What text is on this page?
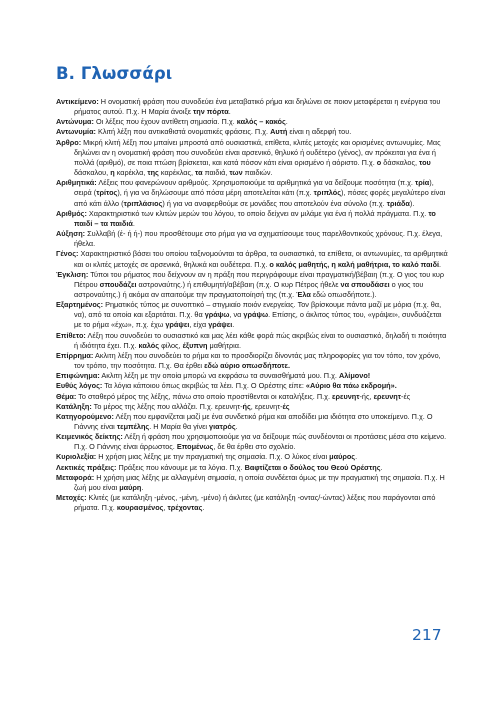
Β. Γλωσσάρι

Αντικείμενο: Η ονοματική φράση που συνοδεύει ένα μεταβατικό ρήμα και δηλώνει σε ποιον μεταφέρεται η ενέργεια του ρήματος αυτού. Π.χ. Η Μαρία άνοιξε την πόρτα.

Αντώνυμα: Οι λέξεις που έχουν αντίθετη σημασία. Π.χ. καλός – κακός.

Αντωνυμία: Κλιτή λέξη που αντικαθιστά ονοματικές φράσεις. Π.χ. Αυτή είναι η αδερφή του.

Άρθρο: Μικρή κλιτή λέξη που μπαίνει μπροστά από ουσιαστικά, επίθετα, κλιτές μετοχές και ορισμένες αντωνυμίες. Μας δηλώνει αν η ονοματική φράση που συνοδεύει είναι αρσενικό, θηλυκό ή ουδέτερο (γένος), αν πρόκειται για ένα ή πολλά (αριθμό), σε ποια πτώση βρίσκεται, και κατά πόσον κάτι είναι ορισμένο ή αόριστο. Π.χ. ο δάσκαλος, του δάσκαλου, η καρέκλα, της καρέκλας, τα παιδιά, των παιδιών.

Αριθμητικά: Λέξεις που φανερώνουν αριθμούς. Χρησιμοποιούμε τα αριθμητικά για να δείξουμε ποσότητα (π.χ. τρία), σειρά (τρίτος), ή για να δηλώσουμε από πόσα μέρη αποτελείται κάτι (π.χ. τριπλός), πόσες φορές μεγαλύτερο είναι από κάτι άλλο (τριπλάσιος) ή για να αναφερθούμε σε μονάδες που αποτελούν ένα σύνολο (π.χ. τριάδα).

Αριθμός: Χαρακτηριστικό των κλιτών μερών του λόγου, το οποίο δείχνει αν μιλάμε για ένα ή πολλά πράγματα. Π.χ. το παιδί – τα παιδιά.

Αύξηση: Συλλαβή (έ- ή ή-) που προσθέτουμε στο ρήμα για να σχηματίσουμε τους παρελθοντικούς χρόνους. Π.χ. έλεγα, ήθελα.

Γένος: Χαρακτηριστικό βάσει του οποίου ταξινομούνται τα άρθρα, τα ουσιαστικά, τα επίθετα, οι αντωνυμίες, τα αριθμητικά και οι κλιτές μετοχές σε αρσενικά, θηλυκά και ουδέτερα. Π.χ. ο καλός μαθητής, η καλή μαθήτρια, το καλό παιδί.

Έγκλιση: Τύποι του ρήματος που δείχνουν αν η πράξη που περιγράφουμε είναι πραγματική/βέβαιη (π.χ. Ο γιος του κυρ Πέτρου σπουδάζει αστροναύτης.) ή επιθυμητή/αβέβαιη (π.χ. Ο κυρ Πέτρος ήθελε να σπουδάσει ο γιος του αστροναύτης.) ή ακόμα αν απαιτούμε την πραγματοποίησή της (π.χ. Έλα εδώ οπωσδήποτε.).

Εξαρτημένος: Ρηματικός τύπος με συνοπτικό – στιγμιαίο ποιόν ενεργείας. Τον βρίσκουμε πάντα μαζί με μόρια (π.χ. θα, να), από τα οποία και εξαρτάται. Π.χ. θα γράψω, να γράψω. Επίσης, ο άκλιτος τύπος του, «γράψει», συνδυάζεται με το ρήμα «έχω», π.χ. έχω γράψει, είχα γράψει.

Επίθετο: Λέξη που συνοδεύει το ουσιαστικό και μας λέει κάθε φορά πώς ακριβώς είναι το ουσιαστικό, δηλαδή τι ποιότητα ή ιδιότητα έχει. Π.χ. καλός φίλος, έξυπνη μαθήτρια.

Επίρρημα: Ακλιτη λέξη που συνοδεύει το ρήμα και το προσδιορίζει δίνοντάς μας πληροφορίες για τον τόπο, τον χρόνο, τον τρόπο, την ποσότητα. Π.χ. Θα έρθει εδώ αύριο οπωσδήποτε.

Επιφώνημα: Ακλιτη λέξη με την οποία μπορώ να εκφράσω τα συναισθήματά μου. Π.χ. Αλίμονο!

Ευθύς λόγος: Τα λόγια κάποιου όπως ακριβώς τα λέει. Π.χ. Ο Ορέστης είπε: «Αύριο θα πάω εκδρομή».

Θέμα: Το σταθερό μέρος της λέξης, πάνω στο οποίο προστίθενται οι καταλήξεις. Π.χ. ερευνητ-ής, ερευνητ-ές

Κατάληξη: Το μέρος της λέξης που αλλάζει. Π.χ. ερευνητ-ής, ερευνητ-ές

Κατηγορούμενο: Λέξη που εμφανίζεται μαζί με ένα συνδετικό ρήμα και αποδίδει μια ιδιότητα στο υποκείμενο. Π.χ. Ο Γιάννης είναι τεμπέλης. Η Μαρία θα γίνει γιατρός.

Κειμενικός δείκτης: Λέξη ή φράση που χρησιμοποιούμε για να δείξουμε πώς συνδέονται οι προτάσεις μέσα στο κείμενο. Π.χ. Ο Γιάννης είναι άρρωστος. Επομένως, δε θα έρθει στο σχολείο.

Κυριολεξία: Η χρήση μιας λέξης με την πραγματική της σημασία. Π.χ. Ο λύκος είναι μαύρος.

Λεκτικές πράξεις: Πράξεις που κάνουμε με τα λόγια. Π.χ. Βαφτίζεται ο δούλος του Θεού Ορέστης.

Μεταφορά: Η χρήση μιας λέξης με αλλαγμένη σημασία, η οποία συνδέεται όμως με την πραγματική της σημασία. Π.χ. Η ζωή μου είναι μαύρη.

Μετοχές: Κλιτές (με κατάληξη -μένος, -μένη, -μένο) ή άκλιτες (με κατάληξη -οντας/-ώντας) λέξεις που παράγονται από ρήματα. Π.χ. κουρασμένος, τρέχοντας.

217
